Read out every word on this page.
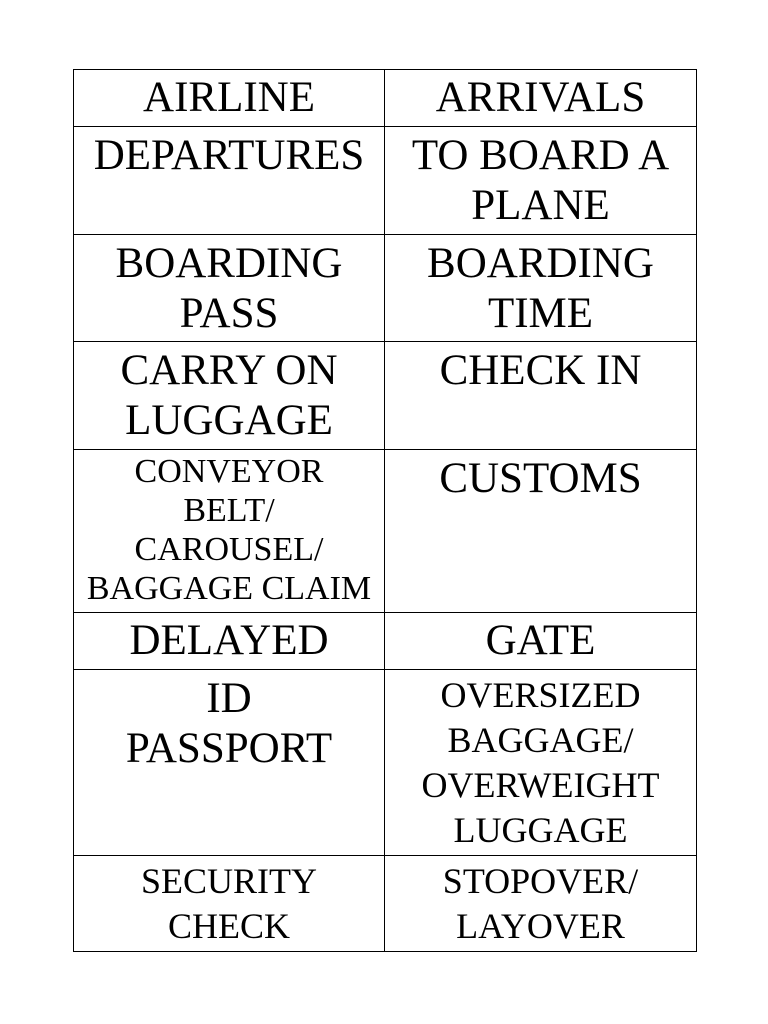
AIRLINE	ARRIVALS

DEPARTURES	TO BOARD A
PLANE

BOARDING
PASS	BOARDING
TIME

CARRY ON
LUGGAGE	CHECK IN

CONVEYOR
BELT/
CAROUSEL/
BAGGAGE CLAIM	CUSTOMS

DELAYED	GATE

ID
PASSPORT	OVERSIZED
BAGGAGE/
OVERWEIGHT
LUGGAGE

SECURITY
CHECK	STOPOVER/
LAYOVER
